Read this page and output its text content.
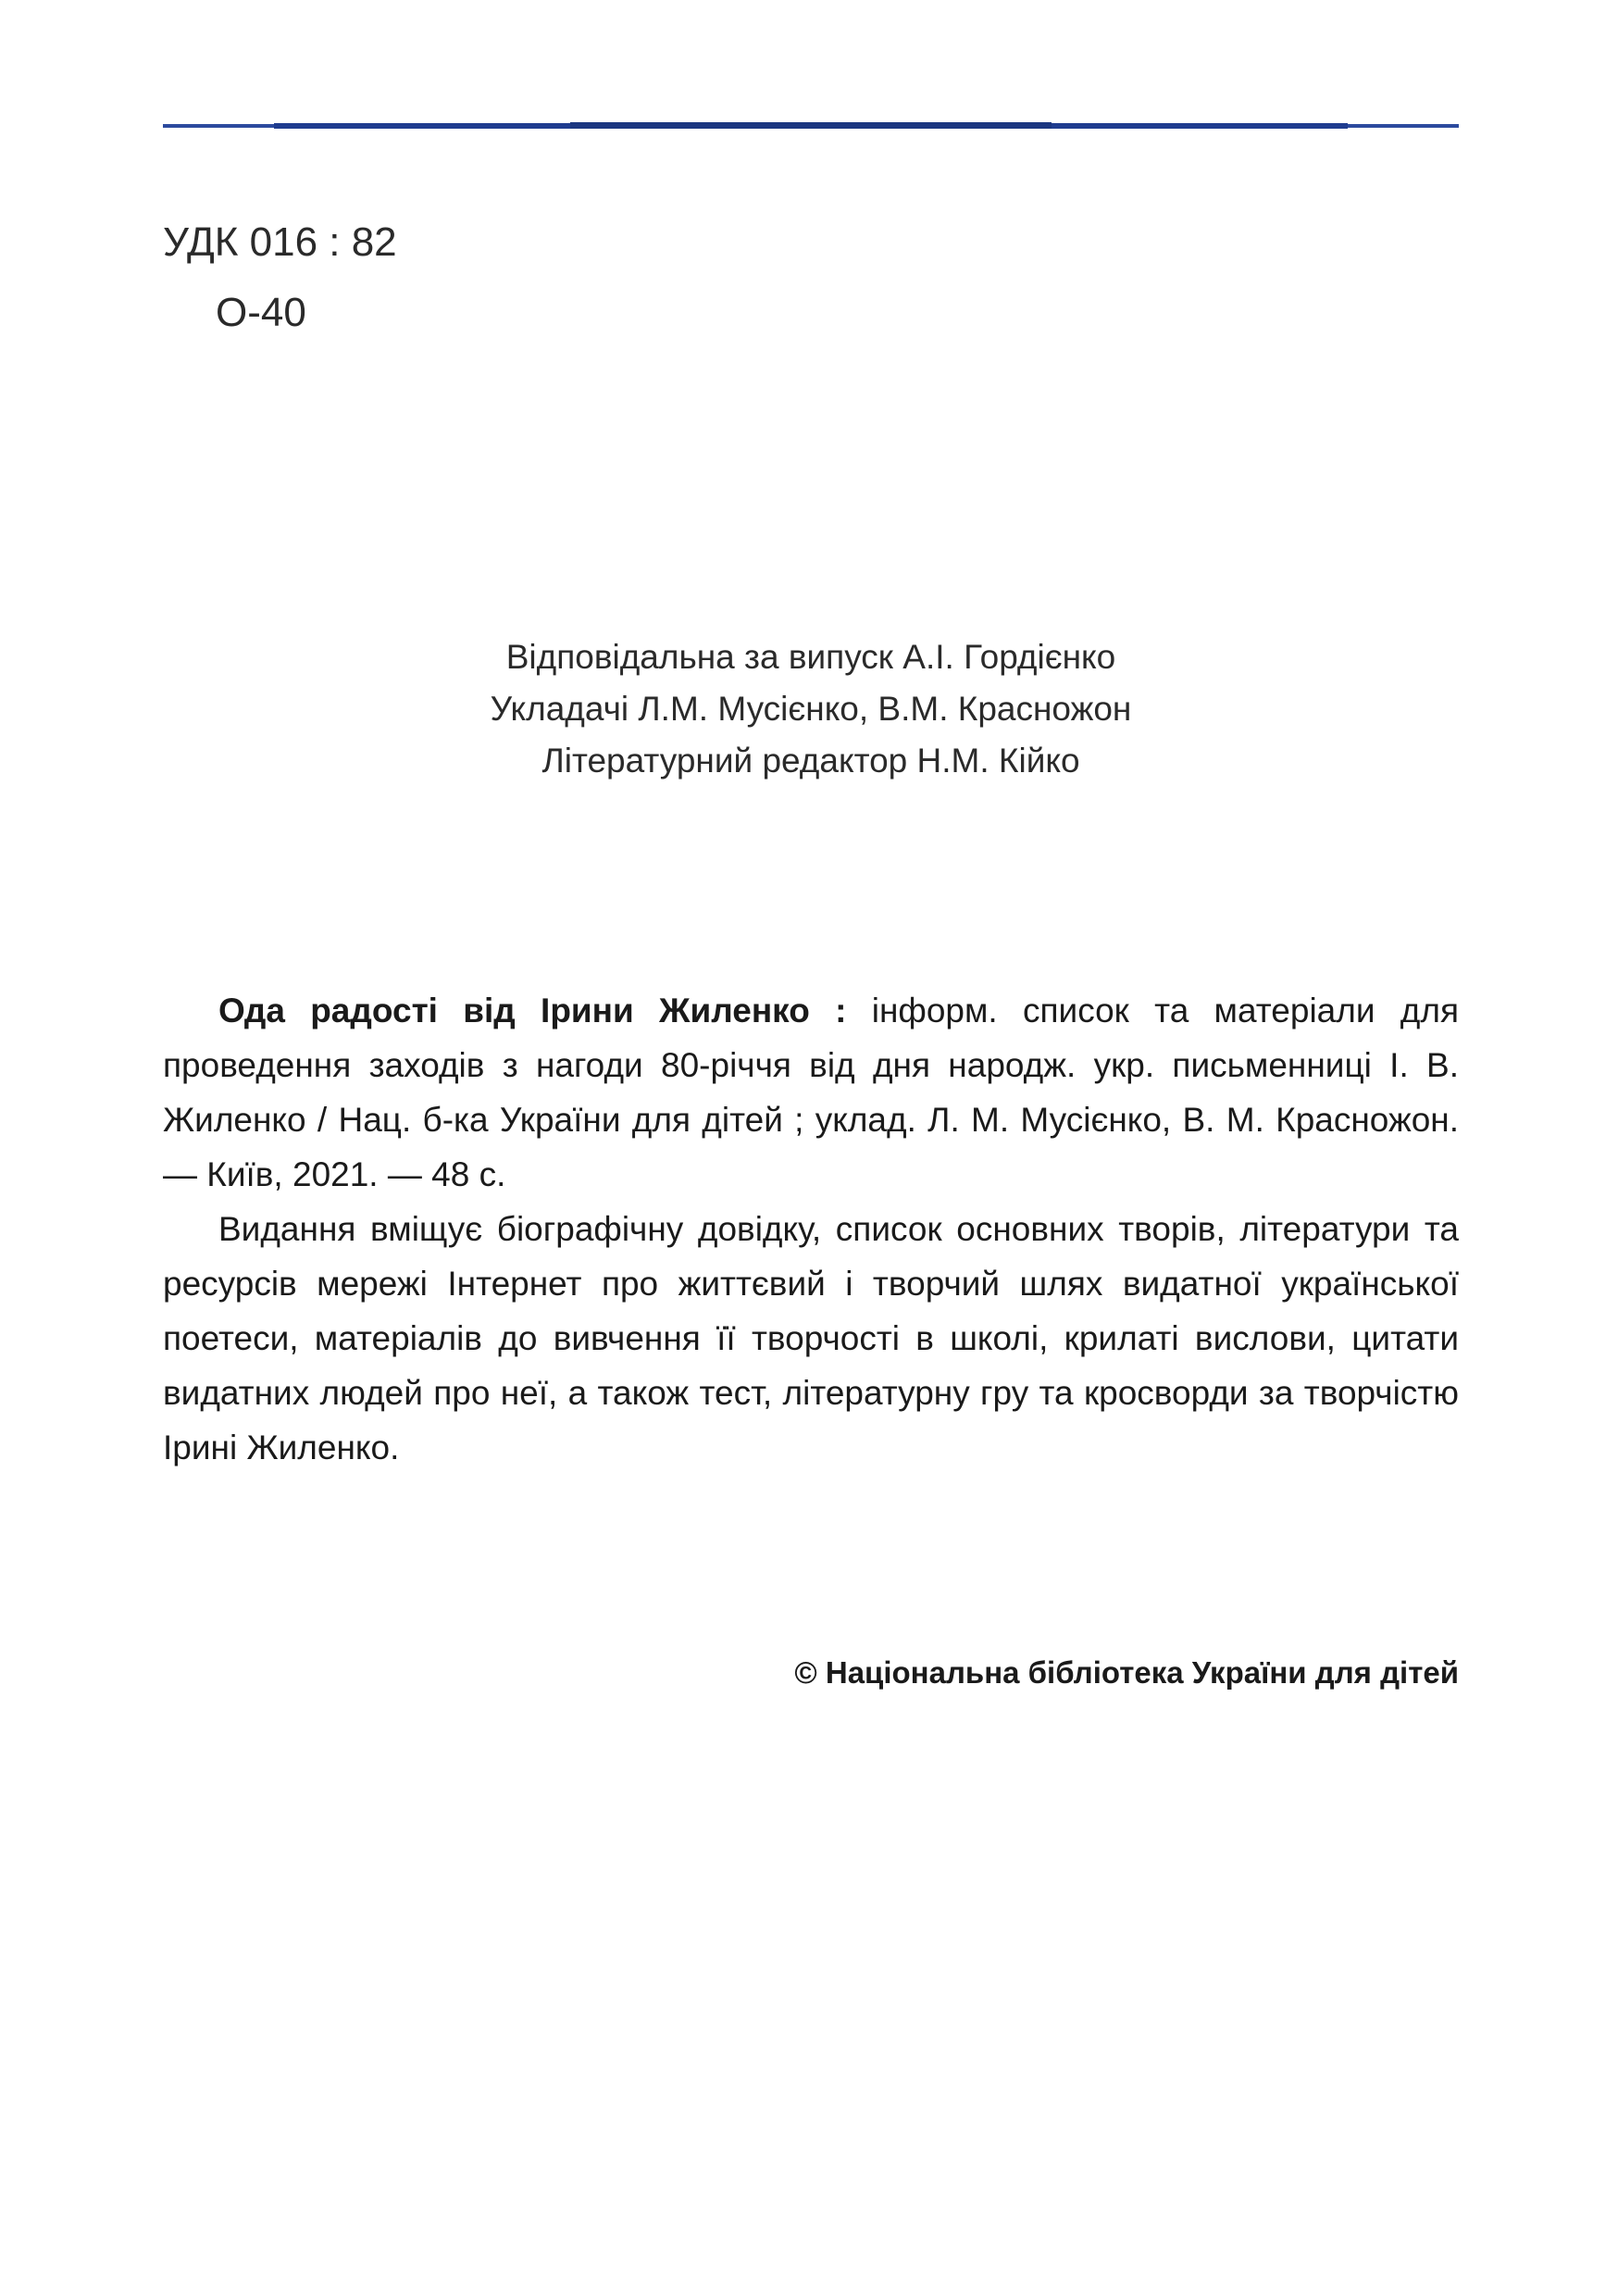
УДК 016 : 82
О-40
Відповідальна за випуск А.І. Гордієнко
Укладачі Л.М. Мусієнко, В.М. Красножон
Літературний редактор Н.М. Кійко

Ода радості від Ірини Жиленко : інформ. список та матеріали для проведення заходів з нагоди 80-річчя від дня народж. укр. письменниці І. В. Жиленко / Нац. б-ка України для дітей ; уклад. Л. М. Мусієнко, В. М. Красножон. — Київ, 2021. — 48 с.

Видання вміщує біографічну довідку, список основних творів, літератури та ресурсів мережі Інтернет про життєвий і творчий шлях видатної української поетеси, матеріалів до вивчення її творчості в школі, крилаті вислови, цитати видатних людей про неї, а також тест, літературну гру та кросворди за творчістю Ірині Жиленко.

© Національна бібліотека України для дітей
